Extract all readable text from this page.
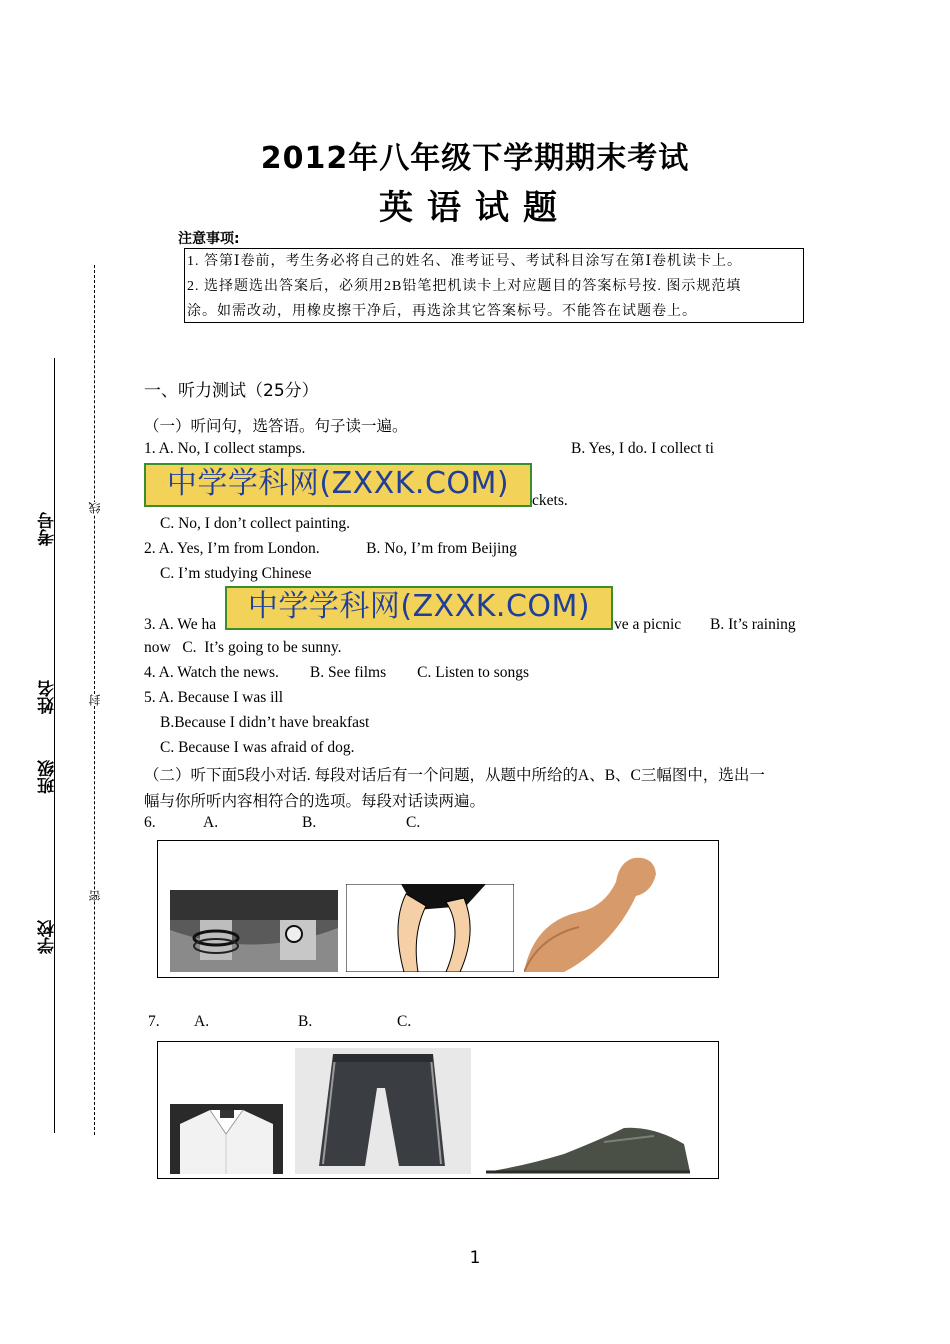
2012年八年级下学期期末考试
英语试题
注意事项:
1. 答第Ⅰ卷前，考生务必将自己的姓名、准考证号、考试科目涂写在第Ⅰ卷机读卡上。
2. 选择题选出答案后，必须用2B铅笔把机读卡上对应题目的答案标号按. 图示规范填
涂。如需改动，用橡皮擦干净后，再选涂其它答案标号。不能答在试题卷上。
一、听力测试（25分）
（一）听问句，选答语。句子读一遍。
1. A. No, I collect stamps.	B. Yes, I do. I collect ti
中学学科网(ZXXK.COM)	ckets.
C. No, I don’t collect painting.
2. A. Yes, I’m from London.            B. No, I’m from Beijing
C. I’m studying Chinese
3. A. We ha
中学学科网(ZXXK.COM)
ve a picnic B. It’s raining
now   C.  It’s going to be sunny.
4. A. Watch the news.        B. See films        C. Listen to songs
5. A. Because I was ill
B.Because I didn’t have breakfast
C. Because I was afraid of dog.
（二）听下面5段小对话. 每段对话后有一个问题，从题中所给的A、B、C三幅图中，选出一
幅与你所听内容相符合的选项。每段对话读两遍。
6.	A.	B.	C.
7. A.	B.	C.
考号
姓名
班级
学校
线
封
密
1
